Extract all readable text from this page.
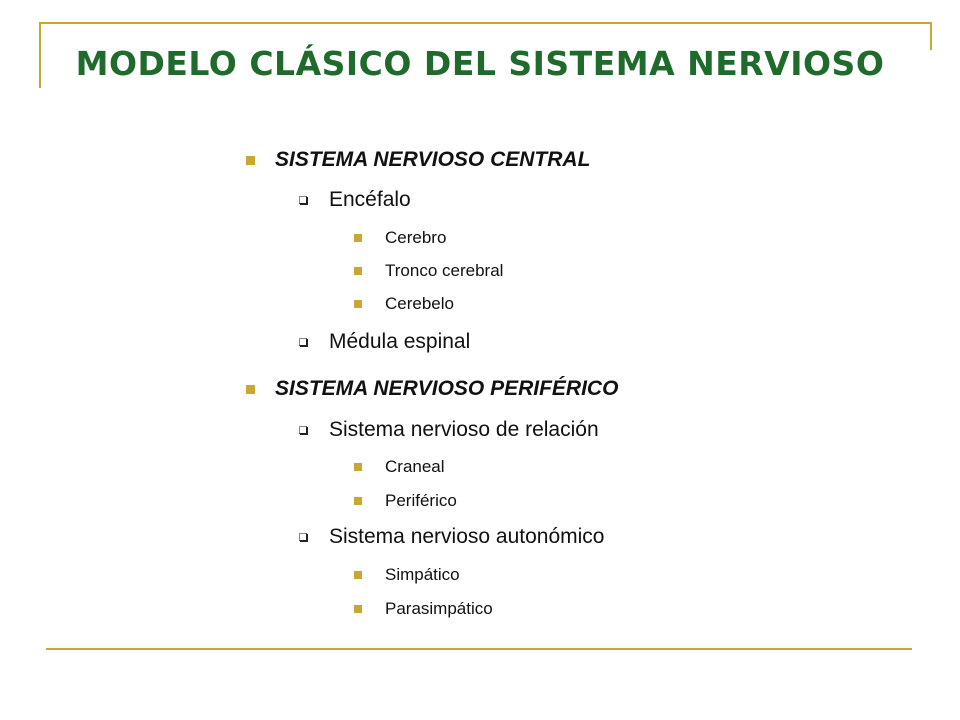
MODELO CLÁSICO DEL SISTEMA NERVIOSO
SISTEMA NERVIOSO CENTRAL
Encéfalo
Cerebro
Tronco cerebral
Cerebelo
Médula espinal
SISTEMA NERVIOSO PERIFÉRICO
Sistema nervioso de relación
Craneal
Periférico
Sistema nervioso autonómico
Simpático
Parasimpático
